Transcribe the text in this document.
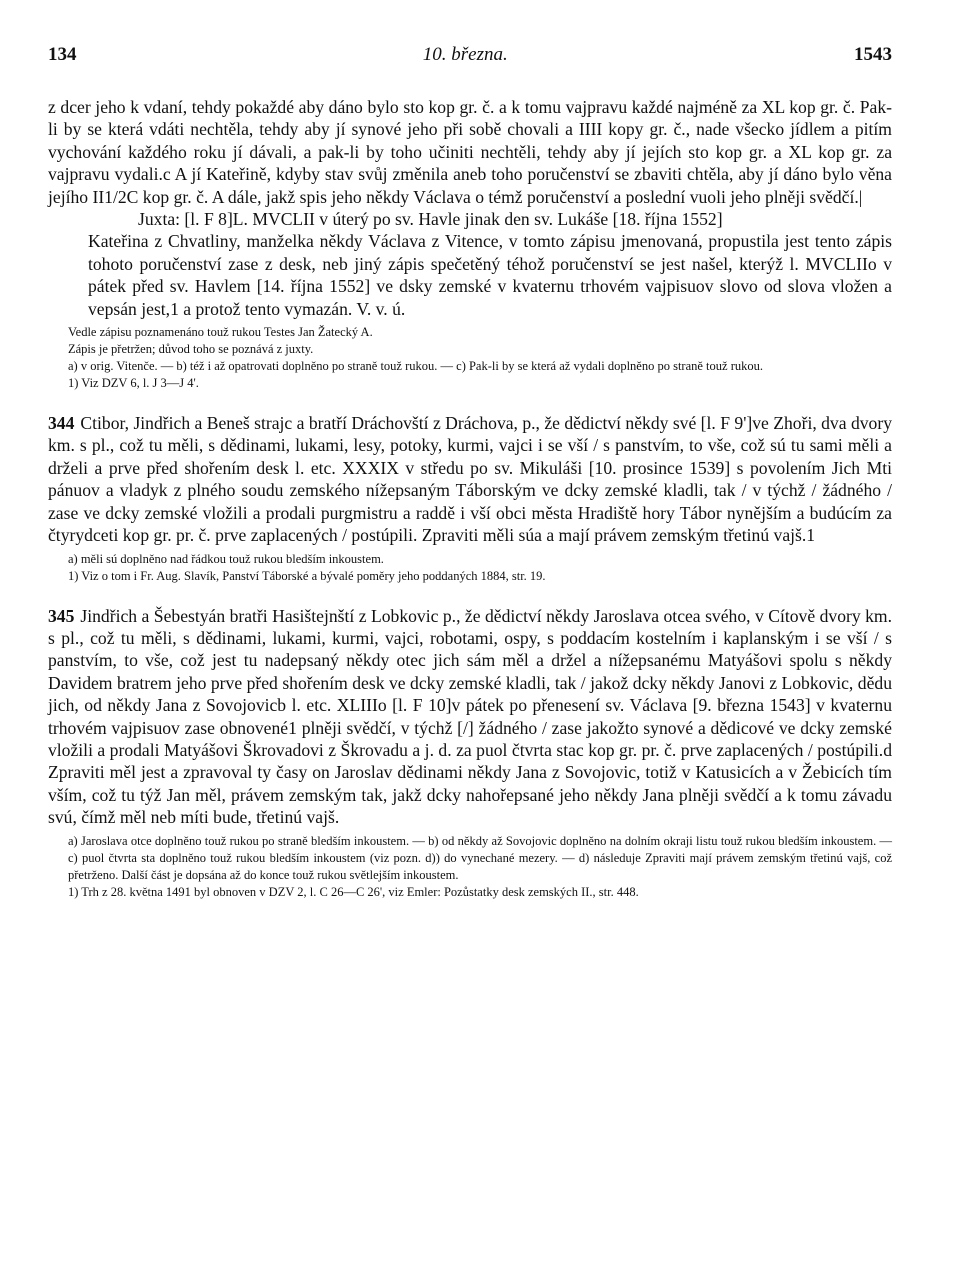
134	10. března.	1543

z dcer jeho k vdaní, tehdy pokaždé aby dáno bylo sto kop gr. č. a k tomu vajpravu každé najméně za XL kop gr. č. Pak-li by se která vdáti nechtěla, tehdy aby jí synové jeho při sobě chovali a IIII kopy gr. č., nade všecko jídlem a pitím vychování každého roku jí dávali, a pak-li by toho učiniti nechtěli, tehdy aby jí jejích sto kop gr. a XL kop gr. za vajpravu vydali.c A jí Kateřině, kdyby stav svůj změnila aneb toho poručenství se zbaviti chtěla, aby jí dáno bylo věna jejího II1/2C kop gr. č. A dále, jakž spis jeho někdy Václava o témž poručenství a poslední vuoli jeho plněji svědčí.|

Juxta: [l. F 8]L. MVCLII v úterý po sv. Havle jinak den sv. Lukáše [18. října 1552]

Kateřina z Chvatliny, manželka někdy Václava z Vitence, v tomto zápisu jmenovaná, propustila jest tento zápis tohoto poručenství zase z desk, neb jiný zápis spečetěný téhož poručenství se jest našel, kterýž l. MVCLIIo v pátek před sv. Havlem [14. října 1552] ve dsky zemské v kvaternu trhovém vajpisuov slovo od slova vložen a vepsán jest,1 a protož tento vymazán. V. v. ú.

Vedle zápisu poznamenáno touž rukou Testes Jan Žatecký A.

Zápis je přetržen; důvod toho se poznává z juxty.

a) v orig. Vitenče. — b) též i až opatrovati doplněno po straně touž rukou. — c) Pak-li by se která až vydali doplněno po straně touž rukou.

1) Viz DZV 6, l. J 3—J 4'.

344 Ctibor, Jindřich a Beneš strajc a bratří Dráchovští z Dráchova, p., že dědictví někdy své [l. F 9']ve Zhoři, dva dvory km. s pl., což tu měli, s dědinami, lukami, lesy, potoky, kurmi, vajci i se vší / s panstvím, to vše, což sú tu sami měli a drželi a prve před shořením desk l. etc. XXXIX v středu po sv. Mikuláši [10. prosince 1539] s povolením Jich Mti pánuov a vladyk z plného soudu zemského nížepsaným Táborským ve dcky zemské kladli, tak / v týchž / žádného / zase ve dcky zemské vložili a prodali purgmistru a raddě i vší obci města Hradiště hory Tábor nynějším a budúcím za čtyrydceti kop gr. pr. č. prve zaplacených / postúpili. Zpraviti měli súa a mají právem zemským třetinú vajš.1

a) měli sú doplněno nad řádkou touž rukou bledším inkoustem.

1) Viz o tom i Fr. Aug. Slavík, Panství Táborské a bývalé poměry jeho poddaných 1884, str. 19.

345 Jindřich a Šebestyán bratři Hasištejnští z Lobkovic p., že dědictví někdy Jaroslava otcea svého, v Cítově dvory km. s pl., což tu měli, s dědinami, lukami, kurmi, vajci, robotami, ospy, s poddacím kostelním i kaplanským i se vší / s panstvím, to vše, což jest tu nadepsaný někdy otec jich sám měl a držel a nížepsanému Matyášovi spolu s někdy Davidem bratrem jeho prve před shořením desk ve dcky zemské kladli, tak / jakož dcky někdy Janovi z Lobkovic, dědu jich, od někdy Jana z Sovojovicb l. etc. XLIIIo [l. F 10]v pátek po přenesení sv. Václava [9. března 1543] v kvaternu trhovém vajpisuov zase obnovené1 plněji svědčí, v týchž [/] žádného / zase jakožto synové a dědicové ve dcky zemské vložili a prodali Matyášovi Škrovadovi z Škrovadu a j. d. za puol čtvrta stac kop gr. pr. č. prve zaplacených / postúpili.d Zpraviti měl jest a zpravoval ty časy on Jaroslav dědinami někdy Jana z Sovojovic, totiž v Katusicích a v Žebicích tím vším, což tu týž Jan měl, právem zemským tak, jakž dcky nahořepsané jeho někdy Jana plněji svědčí a k tomu závadu svú, čímž měl neb míti bude, třetinú vajš.

a) Jaroslava otce doplněno touž rukou po straně bledším inkoustem. — b) od někdy až Sovojovic doplněno na dolním okraji listu touž rukou bledším inkoustem. — c) puol čtvrta sta doplněno touž rukou bledším inkoustem (viz pozn. d)) do vynechané mezery. — d) následuje Zpraviti mají právem zemským třetinú vajš, což přetrženo. Další část je dopsána až do konce touž rukou světlejším inkoustem.

1) Trh z 28. května 1491 byl obnoven v DZV 2, l. C 26—C 26', viz Emler: Pozůstatky desk zemských II., str. 448.
